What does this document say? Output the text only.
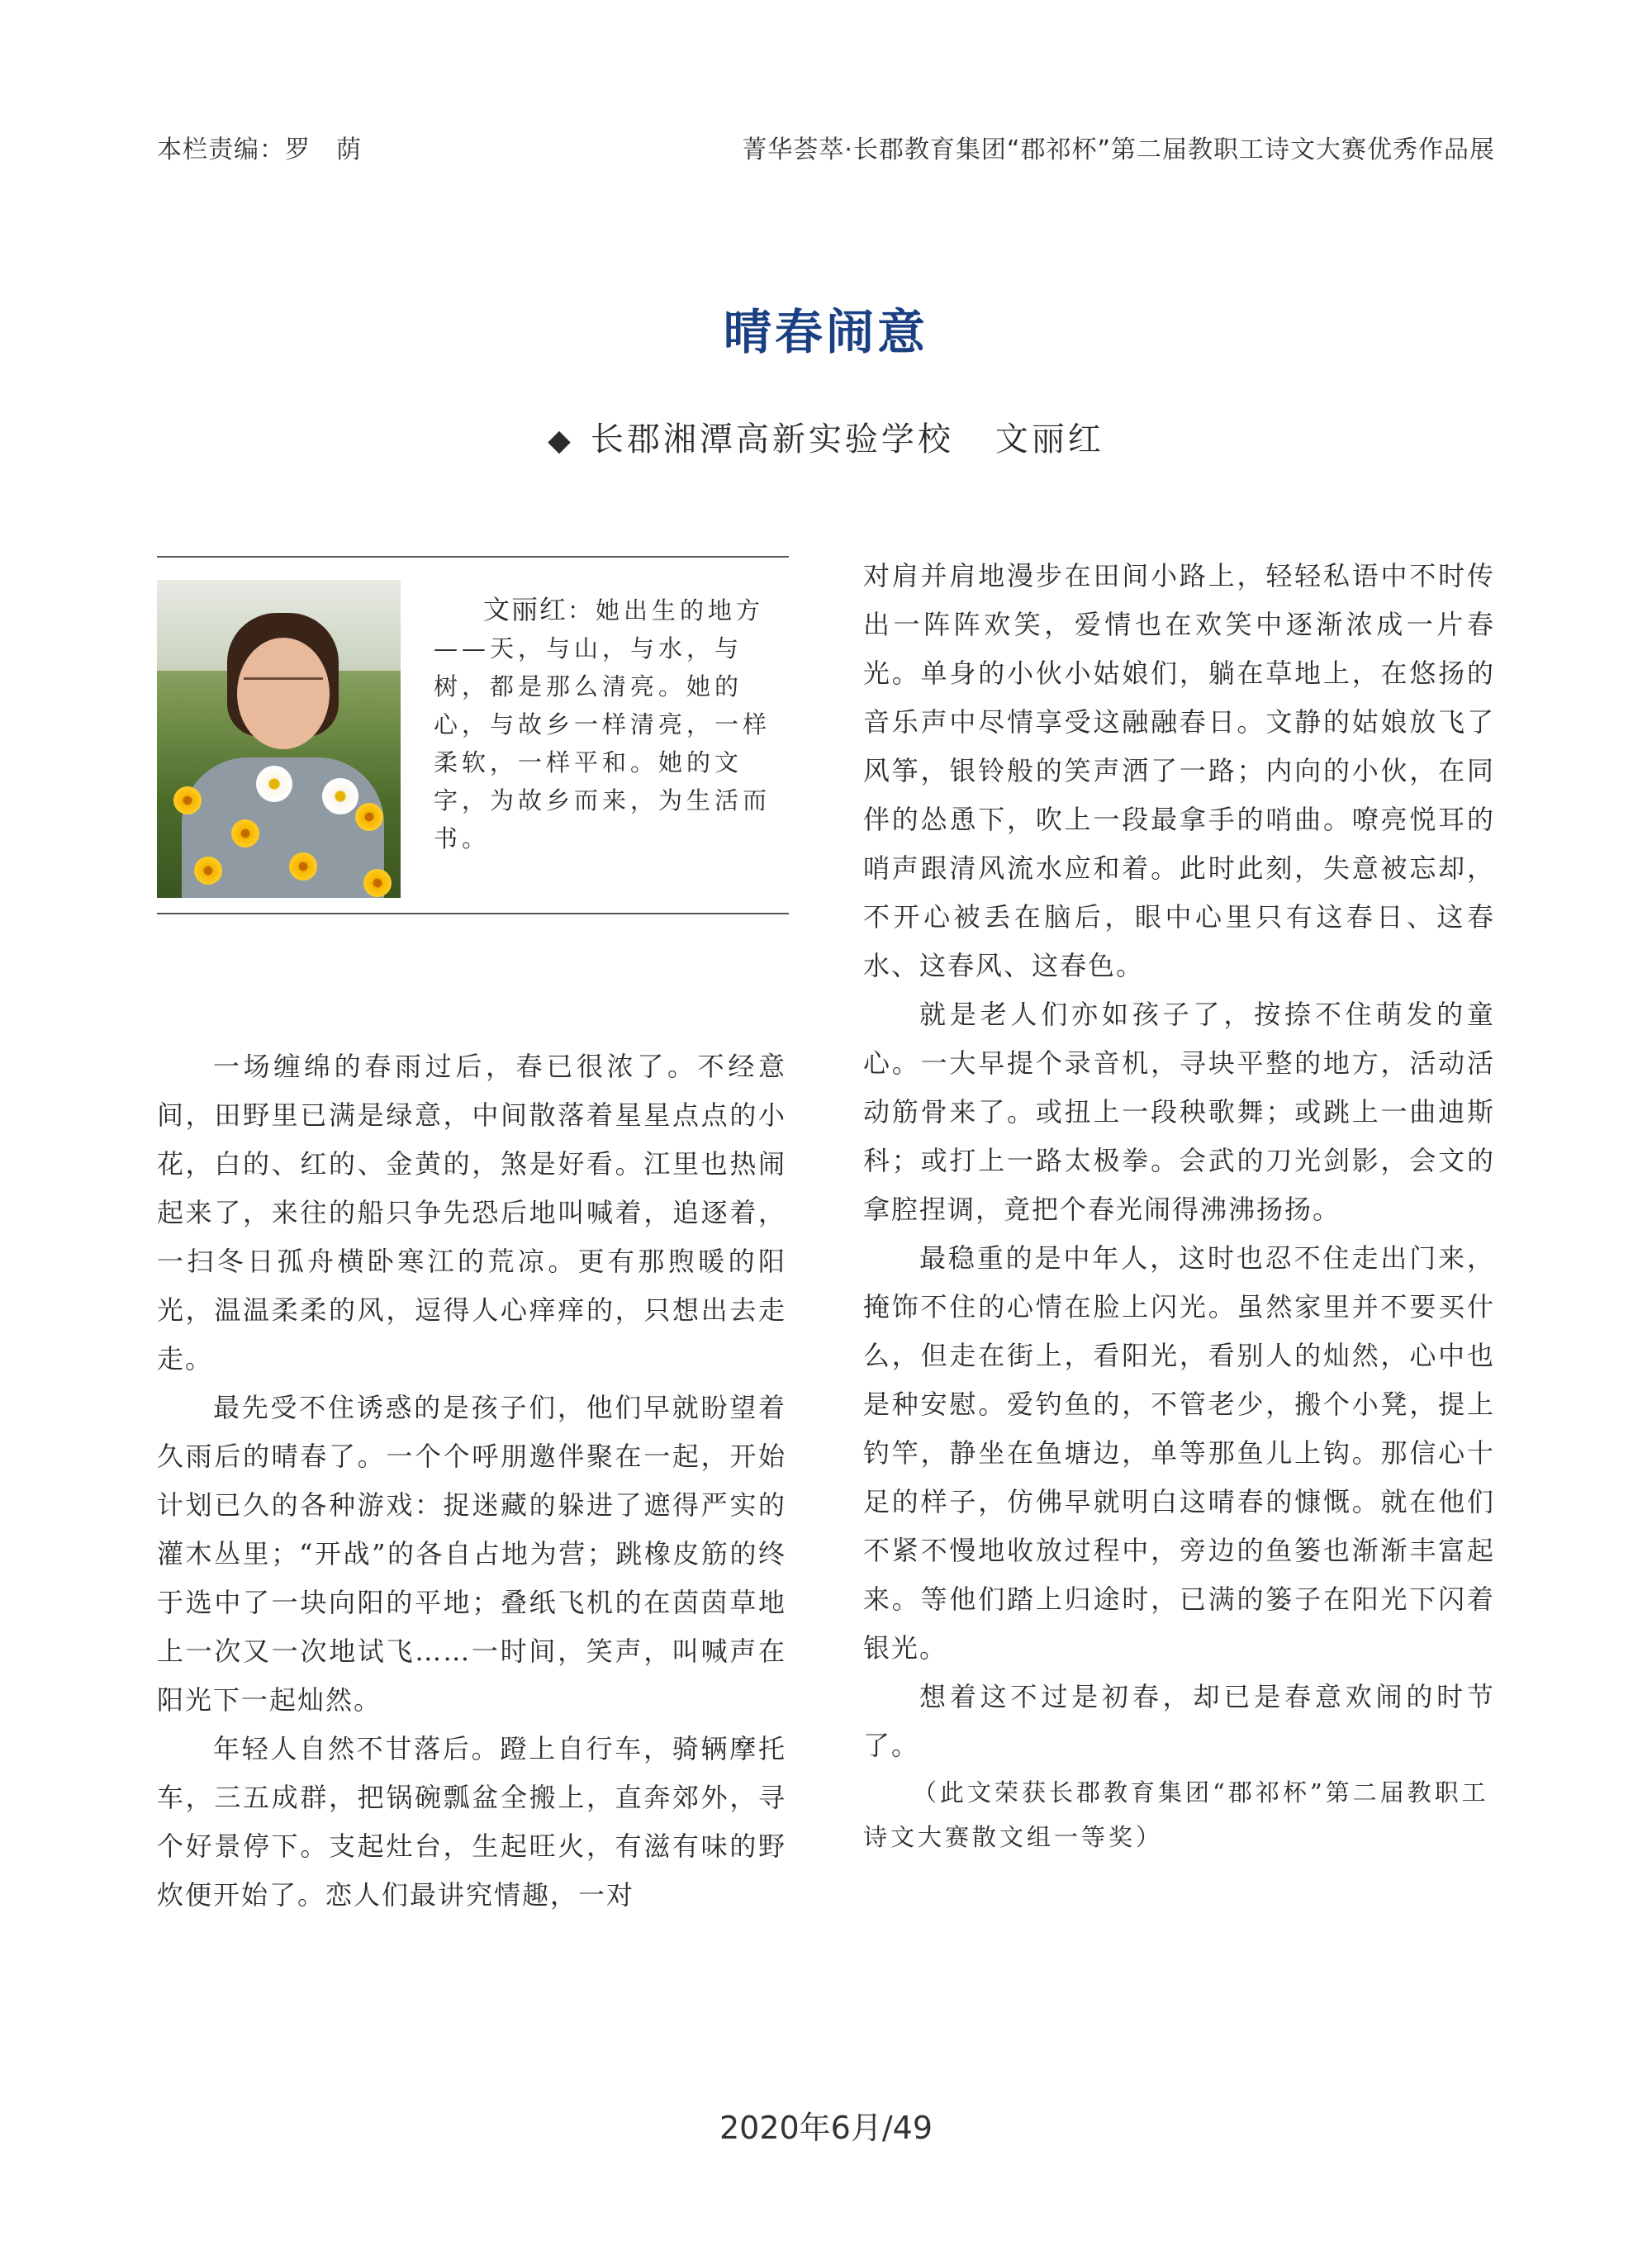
本栏责编：罗　荫	菁华荟萃·长郡教育集团“郡祁杯”第二届教职工诗文大赛优秀作品展
晴春闹意
◆ 长郡湘潭高新实验学校 文丽红
文丽红：她出生的地方——天，与山，与水，与树，都是那么清亮。她的心，与故乡一样清亮，一样柔软，一样平和。她的文字，为故乡而来，为生活而书。

一场缠绵的春雨过后，春已很浓了。不经意间，田野里已满是绿意，中间散落着星星点点的小花，白的、红的、金黄的，煞是好看。江里也热闹起来了，来往的船只争先恐后地叫喊着，追逐着，一扫冬日孤舟横卧寒江的荒凉。更有那煦暖的阳光，温温柔柔的风，逗得人心痒痒的，只想出去走走。

最先受不住诱惑的是孩子们，他们早就盼望着久雨后的晴春了。一个个呼朋邀伴聚在一起，开始计划已久的各种游戏：捉迷藏的躲进了遮得严实的灌木丛里；“开战”的各自占地为营；跳橡皮筋的终于选中了一块向阳的平地；叠纸飞机的在茵茵草地上一次又一次地试飞……一时间，笑声，叫喊声在阳光下一起灿然。

年轻人自然不甘落后。蹬上自行车，骑辆摩托车，三五成群，把锅碗瓢盆全搬上，直奔郊外，寻个好景停下。支起灶台，生起旺火，有滋有味的野炊便开始了。恋人们最讲究情趣，一对

对肩并肩地漫步在田间小路上，轻轻私语中不时传出一阵阵欢笑，爱情也在欢笑中逐渐浓成一片春光。单身的小伙小姑娘们，躺在草地上，在悠扬的音乐声中尽情享受这融融春日。文静的姑娘放飞了风筝，银铃般的笑声洒了一路；内向的小伙，在同伴的怂恿下，吹上一段最拿手的哨曲。嘹亮悦耳的哨声跟清风流水应和着。此时此刻，失意被忘却，不开心被丢在脑后，眼中心里只有这春日、这春水、这春风、这春色。

就是老人们亦如孩子了，按捺不住萌发的童心。一大早提个录音机，寻块平整的地方，活动活动筋骨来了。或扭上一段秧歌舞；或跳上一曲迪斯科；或打上一路太极拳。会武的刀光剑影，会文的拿腔捏调，竟把个春光闹得沸沸扬扬。

最稳重的是中年人，这时也忍不住走出门来，掩饰不住的心情在脸上闪光。虽然家里并不要买什么，但走在街上，看阳光，看别人的灿然，心中也是种安慰。爱钓鱼的，不管老少，搬个小凳，提上钓竿，静坐在鱼塘边，单等那鱼儿上钩。那信心十足的样子，仿佛早就明白这晴春的慷慨。就在他们不紧不慢地收放过程中，旁边的鱼篓也渐渐丰富起来。等他们踏上归途时，已满的篓子在阳光下闪着银光。

想着这不过是初春，却已是春意欢闹的时节了。

（此文荣获长郡教育集团“郡祁杯”第二届教职工诗文大赛散文组一等奖）

2020年6月/49
